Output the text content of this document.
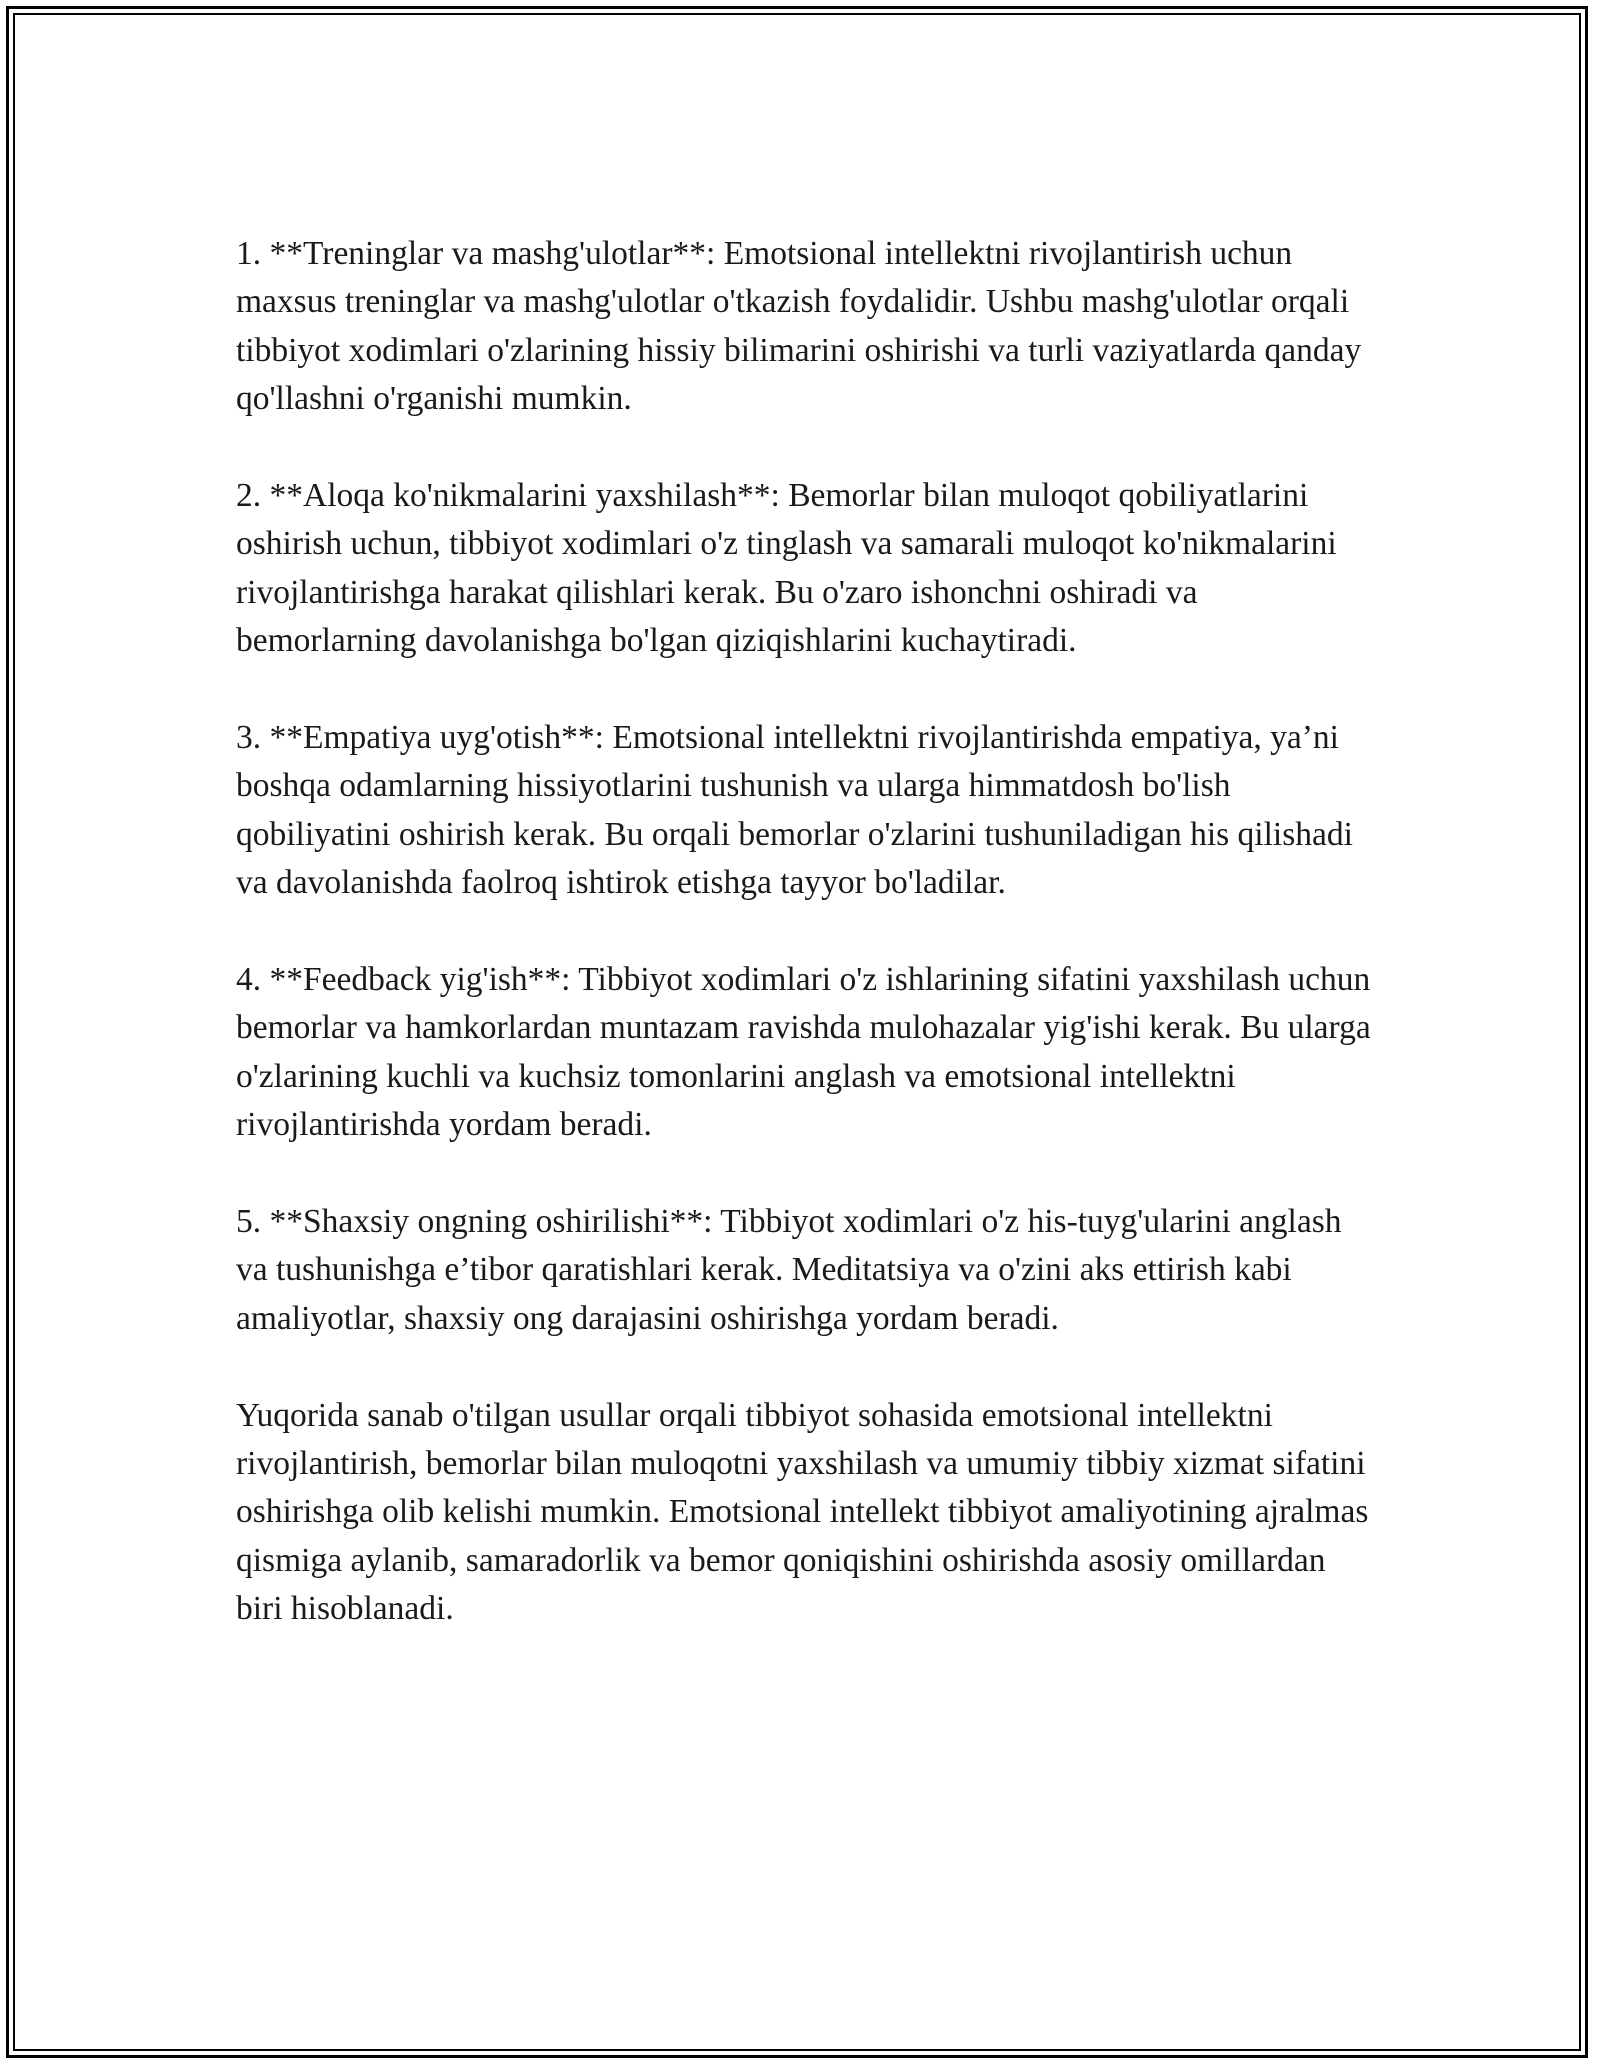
1. **Treninglar va mashg'ulotlar**: Emotsional intellektni rivojlantirish uchun maxsus treninglar va mashg'ulotlar o'tkazish foydalidir. Ushbu mashg'ulotlar orqali tibbiyot xodimlari o'zlarining hissiy bilimarini oshirishi va turli vaziyatlarda qanday qo'llashni o'rganishi mumkin.

2. **Aloqa ko'nikmalarini yaxshilash**: Bemorlar bilan muloqot qobiliyatlarini oshirish uchun, tibbiyot xodimlari o'z tinglash va samarali muloqot ko'nikmalarini rivojlantirishga harakat qilishlari kerak. Bu o'zaro ishonchni oshiradi va bemorlarning davolanishga bo'lgan qiziqishlarini kuchaytiradi.

3. **Empatiya uyg'otish**: Emotsional intellektni rivojlantirishda empatiya, ya’ni boshqa odamlarning hissiyotlarini tushunish va ularga himmatdosh bo'lish qobiliyatini oshirish kerak. Bu orqali bemorlar o'zlarini tushuniladigan his qilishadi va davolanishda faolroq ishtirok etishga tayyor bo'ladilar.

4. **Feedback yig'ish**: Tibbiyot xodimlari o'z ishlarining sifatini yaxshilash uchun bemorlar va hamkorlardan muntazam ravishda mulohazalar yig'ishi kerak. Bu ularga o'zlarining kuchli va kuchsiz tomonlarini anglash va emotsional intellektni rivojlantirishda yordam beradi.

5. **Shaxsiy ongning oshirilishi**: Tibbiyot xodimlari o'z his-tuyg'ularini anglash va tushunishga e’tibor qaratishlari kerak. Meditatsiya va o'zini aks ettirish kabi amaliyotlar, shaxsiy ong darajasini oshirishga yordam beradi.

Yuqorida sanab o'tilgan usullar orqali tibbiyot sohasida emotsional intellektni rivojlantirish, bemorlar bilan muloqotni yaxshilash va umumiy tibbiy xizmat sifatini oshirishga olib kelishi mumkin. Emotsional intellekt tibbiyot amaliyotining ajralmas qismiga aylanib, samaradorlik va bemor qoniqishini oshirishda asosiy omillardan biri hisoblanadi.
